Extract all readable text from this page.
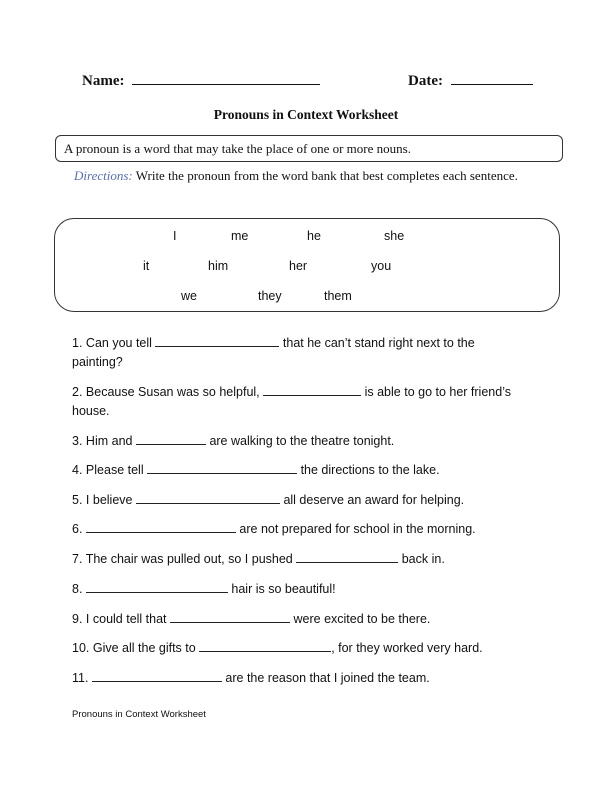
Name:	Date:
Pronouns in Context Worksheet
A pronoun is a word that may take the place of one or more nouns.
Directions: Write the pronoun from the word bank that best completes each sentence.
I	me	he	she
it	him	her	you
we	they	them
1. Can you tell	that he can’t stand right next to the
painting?
2. Because Susan was so helpful,	is able to go to her friend’s
house.
3. Him and	are walking to the theatre tonight.
4. Please tell	the directions to the lake.
5. I believe	all deserve an award for helping.
6.	are not prepared for school in the morning.
7. The chair was pulled out, so I pushed	back in.
8.	hair is so beautiful!
9. I could tell that	were excited to be there.
10. Give all the gifts to	, for they worked very hard.
11.	are the reason that I joined the team.
Pronouns in Context Worksheet
